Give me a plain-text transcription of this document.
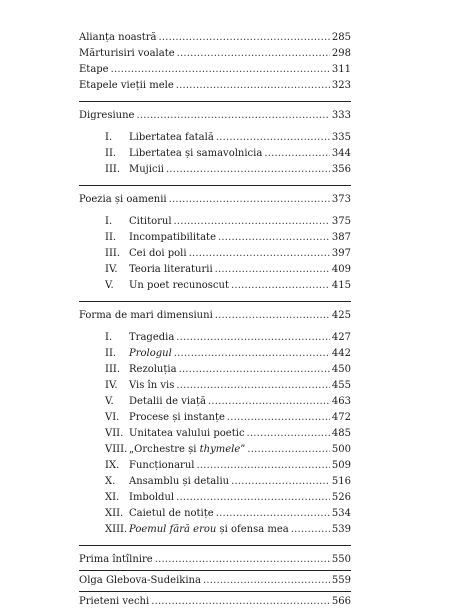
Alianța noastră .....	285
Mărturisiri voalate .....	298
Etape .....	311
Etapele vieții mele .....	323
Digresiune .....	333
I.	Libertatea fatală .....	335
II.	Libertatea și samavolnicia .....	344
III. Mujicii .....	356
Poezia și oamenii .....	373
I.	Cititorul .....	375
II.	Incompatibilitate .....	387
III. Cei doi poli .....	397
IV.	Teoria literaturii .....	409
V.	Un poet recunoscut .....	415
Forma de mari dimensiuni .....	425
I.	Tragedia .....	427
II.	Prologul .....	442
III. Rezoluția .....	450
IV.	Vis în vis .....	455
V.	Detalii de viață .....	463
VI. Procese și instanțe .....	472
VII. Unitatea valului poetic .....	485
VIII. „Orchestre și thymele” .....	500
IX. Funcționarul .....	509
X.	Ansamblu și detaliu .....	516
XI. Imboldul .....	526
XII. Caietul de notițe .....	534
XIII. Poemul fără erou și ofensa mea .....	539
Prima întîlnire .....	550
Olga Glebova-Sudeikina .....	559
Prieteni vechi .....	566
